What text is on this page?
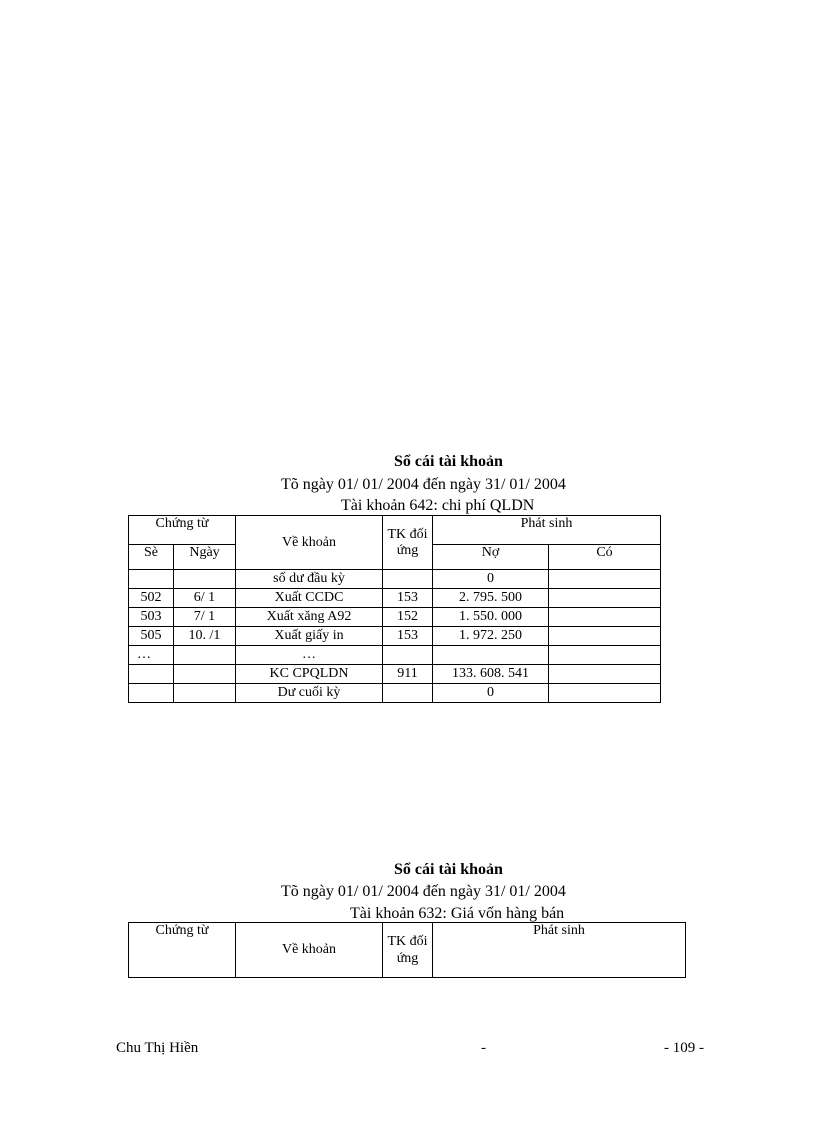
Sổ cái tài khoản
Tõ ngày 01/ 01/ 2004 đến ngày 31/ 01/ 2004
Tài khoản 642: chi phí QLDN
Chứng từ		Về khoản	TK đối ứng	Phát sinh	
Sè	Ngày			Nợ	Có
		số dư đầu kỳ		0	
502	6/ 1	Xuất CCDC	153	2. 795. 500	
503	7/ 1	Xuất xăng A92	152	1. 550. 000	
505	10. /1	Xuất giấy in	153	1. 972. 250	
…		…			
		KC CPQLDN	911	133. 608. 541	
		Dư cuối kỳ		0	
Sổ cái tài khoản
Tõ ngày 01/ 01/ 2004 đến ngày 31/ 01/ 2004
Tài khoản 632: Giá vốn hàng bán
Chứng từ	Về khoản	TK đối ứng	Phát sinh
Chu Thị Hiền	-	- 109 -
